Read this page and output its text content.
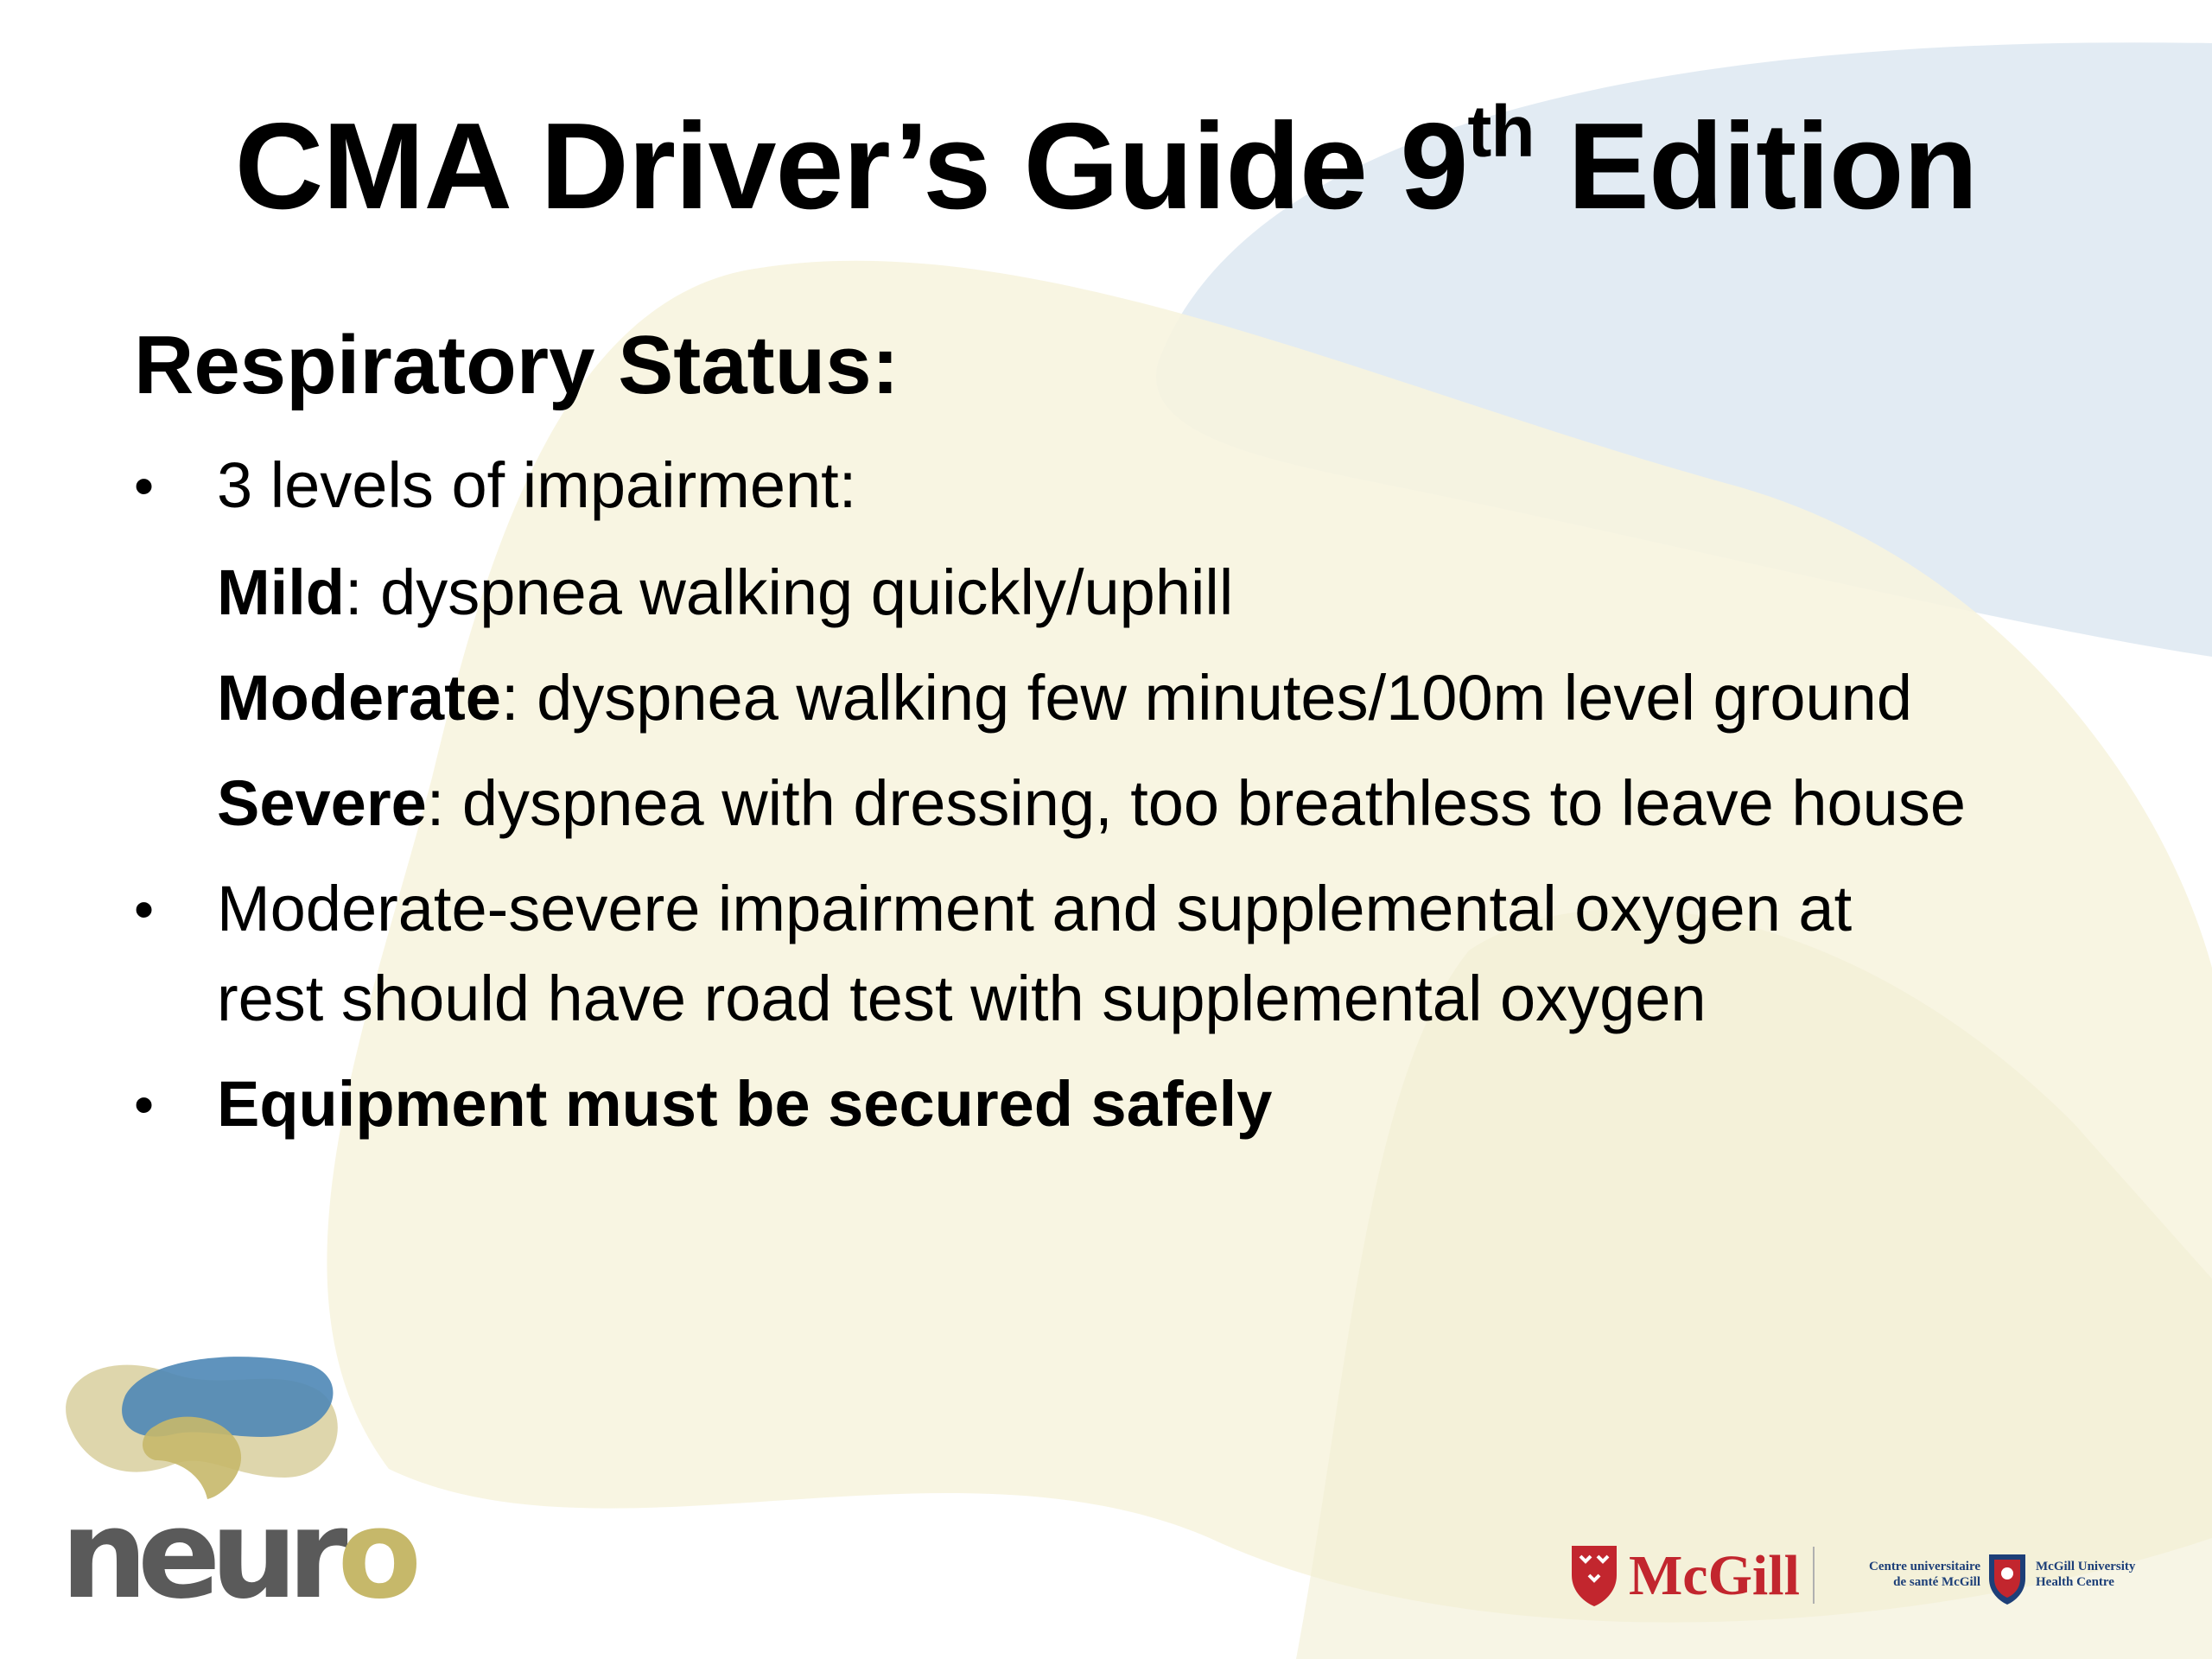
CMA Driver’s Guide 9th Edition
Respiratory Status:
• 3 levels of impairment:
Mild: dyspnea walking quickly/uphill
Moderate: dyspnea walking few minutes/100m level ground
Severe: dyspnea with dressing, too breathless to leave house
• Moderate-severe impairment and supplemental oxygen at
rest should have road test with supplemental oxygen
• Equipment must be secured safely
neuro	McGill	Centre universitaire
de santé McGill
McGill University
Health Centre
